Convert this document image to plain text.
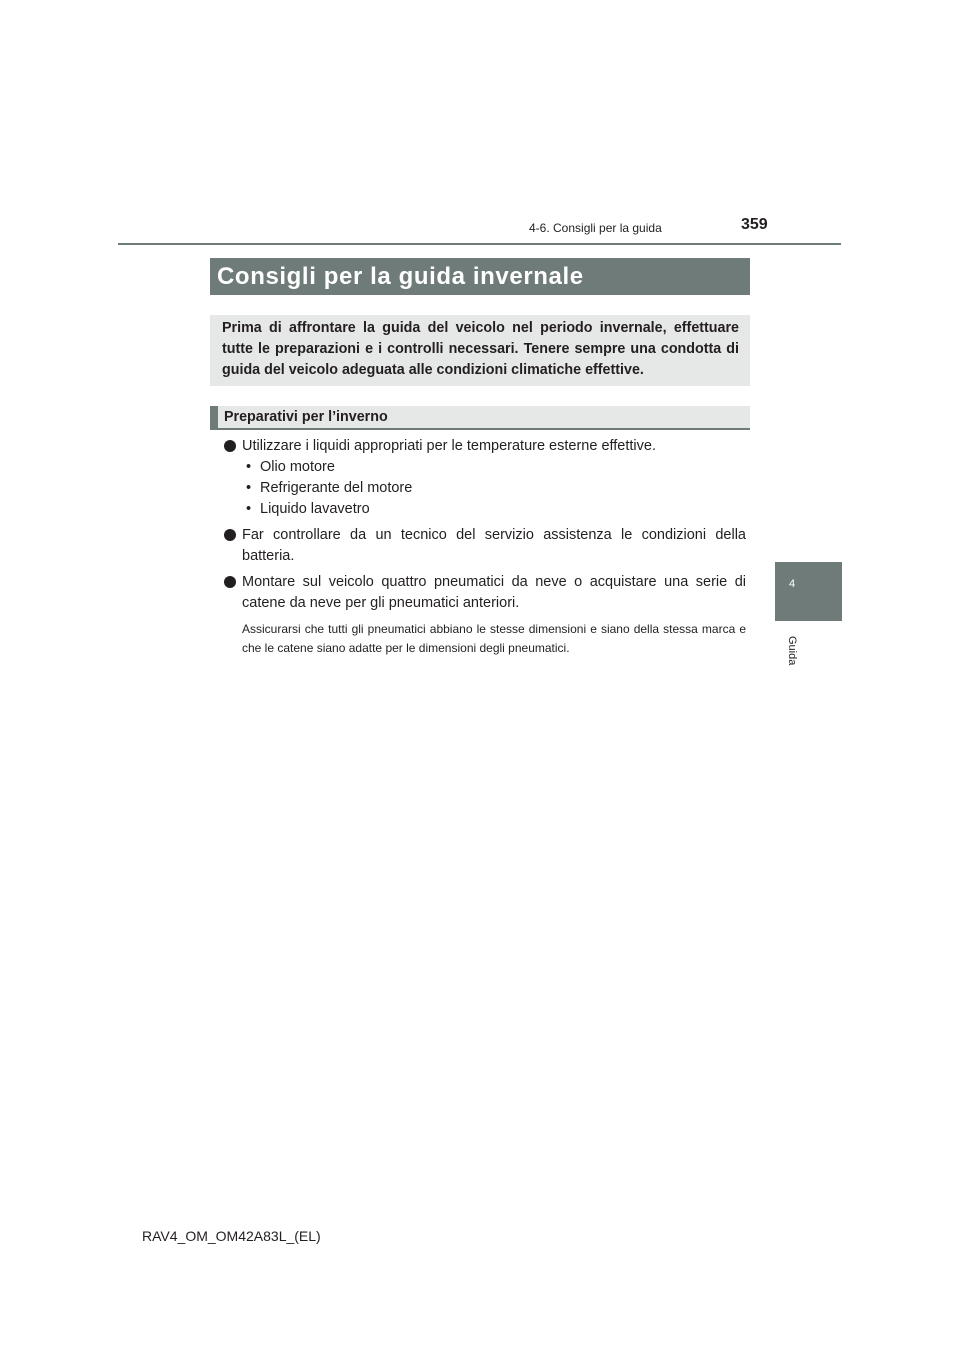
4-6. Consigli per la guida	359
Consigli per la guida invernale

Prima di affrontare la guida del veicolo nel periodo invernale, effettuare tutte le preparazioni e i controlli necessari. Tenere sempre una condotta di guida del veicolo adeguata alle condizioni climatiche effettive.

Preparativi per l’inverno
Utilizzare i liquidi appropriati per le temperature esterne effettive.
• Olio motore
• Refrigerante del motore
• Liquido lavavetro
Far controllare da un tecnico del servizio assistenza le condizioni della batteria.
Montare sul veicolo quattro pneumatici da neve o acquistare una serie di catene da neve per gli pneumatici anteriori.
Assicurarsi che tutti gli pneumatici abbiano le stesse dimensioni e siano della stessa marca e che le catene siano adatte per le dimensioni degli pneumatici.
4
Guida
RAV4_OM_OM42A83L_(EL)
